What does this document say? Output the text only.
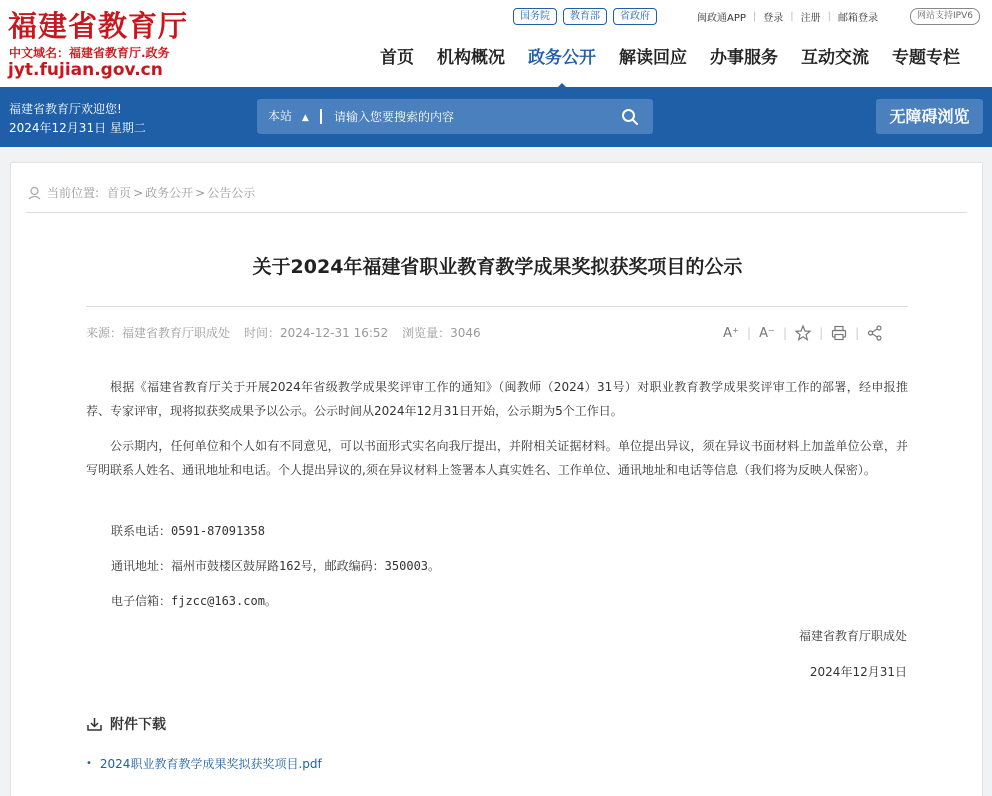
福建省教育厅
中文域名：福建省教育厅.政务
jyt.fujian.gov.cn
国务院	教育部	省政府	闽政通APP | 登录 | 注册 | 邮箱登录	网站支持IPV6
首页 机构概况 政务公开 解读回应 办事服务 互动交流 专题专栏
福建省教育厅欢迎您!
2024年12月31日 星期二
本站 ▲︎
请输入您要搜索的内容	无障碍浏览
当前位置: 首页 > 政务公开 > 公告公示
关于2024年福建省职业教育教学成果奖拟获奖项目的公示
来源：福建省教育厅职成处 时间：2024-12-31 16:52 浏览量：3046	A⁺ | A⁻ |	|	|

根据《福建省教育厅关于开展2024年省级教学成果奖评审工作的通知》（闽教师（2024）31号）对职业教育教学成果奖评审工作的部署，经申报推荐、专家评审，现将拟获奖成果予以公示。公示时间从2024年12月31日开始，公示期为5个工作日。

公示期内，任何单位和个人如有不同意见，可以书面形式实名向我厅提出，并附相关证据材料。单位提出异议，须在异议书面材料上加盖单位公章，并写明联系人姓名、通讯地址和电话。个人提出异议的,须在异议材料上签署本人真实姓名、工作单位、通讯地址和电话等信息（我们将为反映人保密）。

联系电话：0591-87091358
通讯地址：福州市鼓楼区鼓屏路162号，邮政编码：350003。
电子信箱：fjzcc@163.com。
福建省教育厅职成处
2024年12月31日
附件下载
• 2024职业教育教学成果奖拟获奖项目.pdf
